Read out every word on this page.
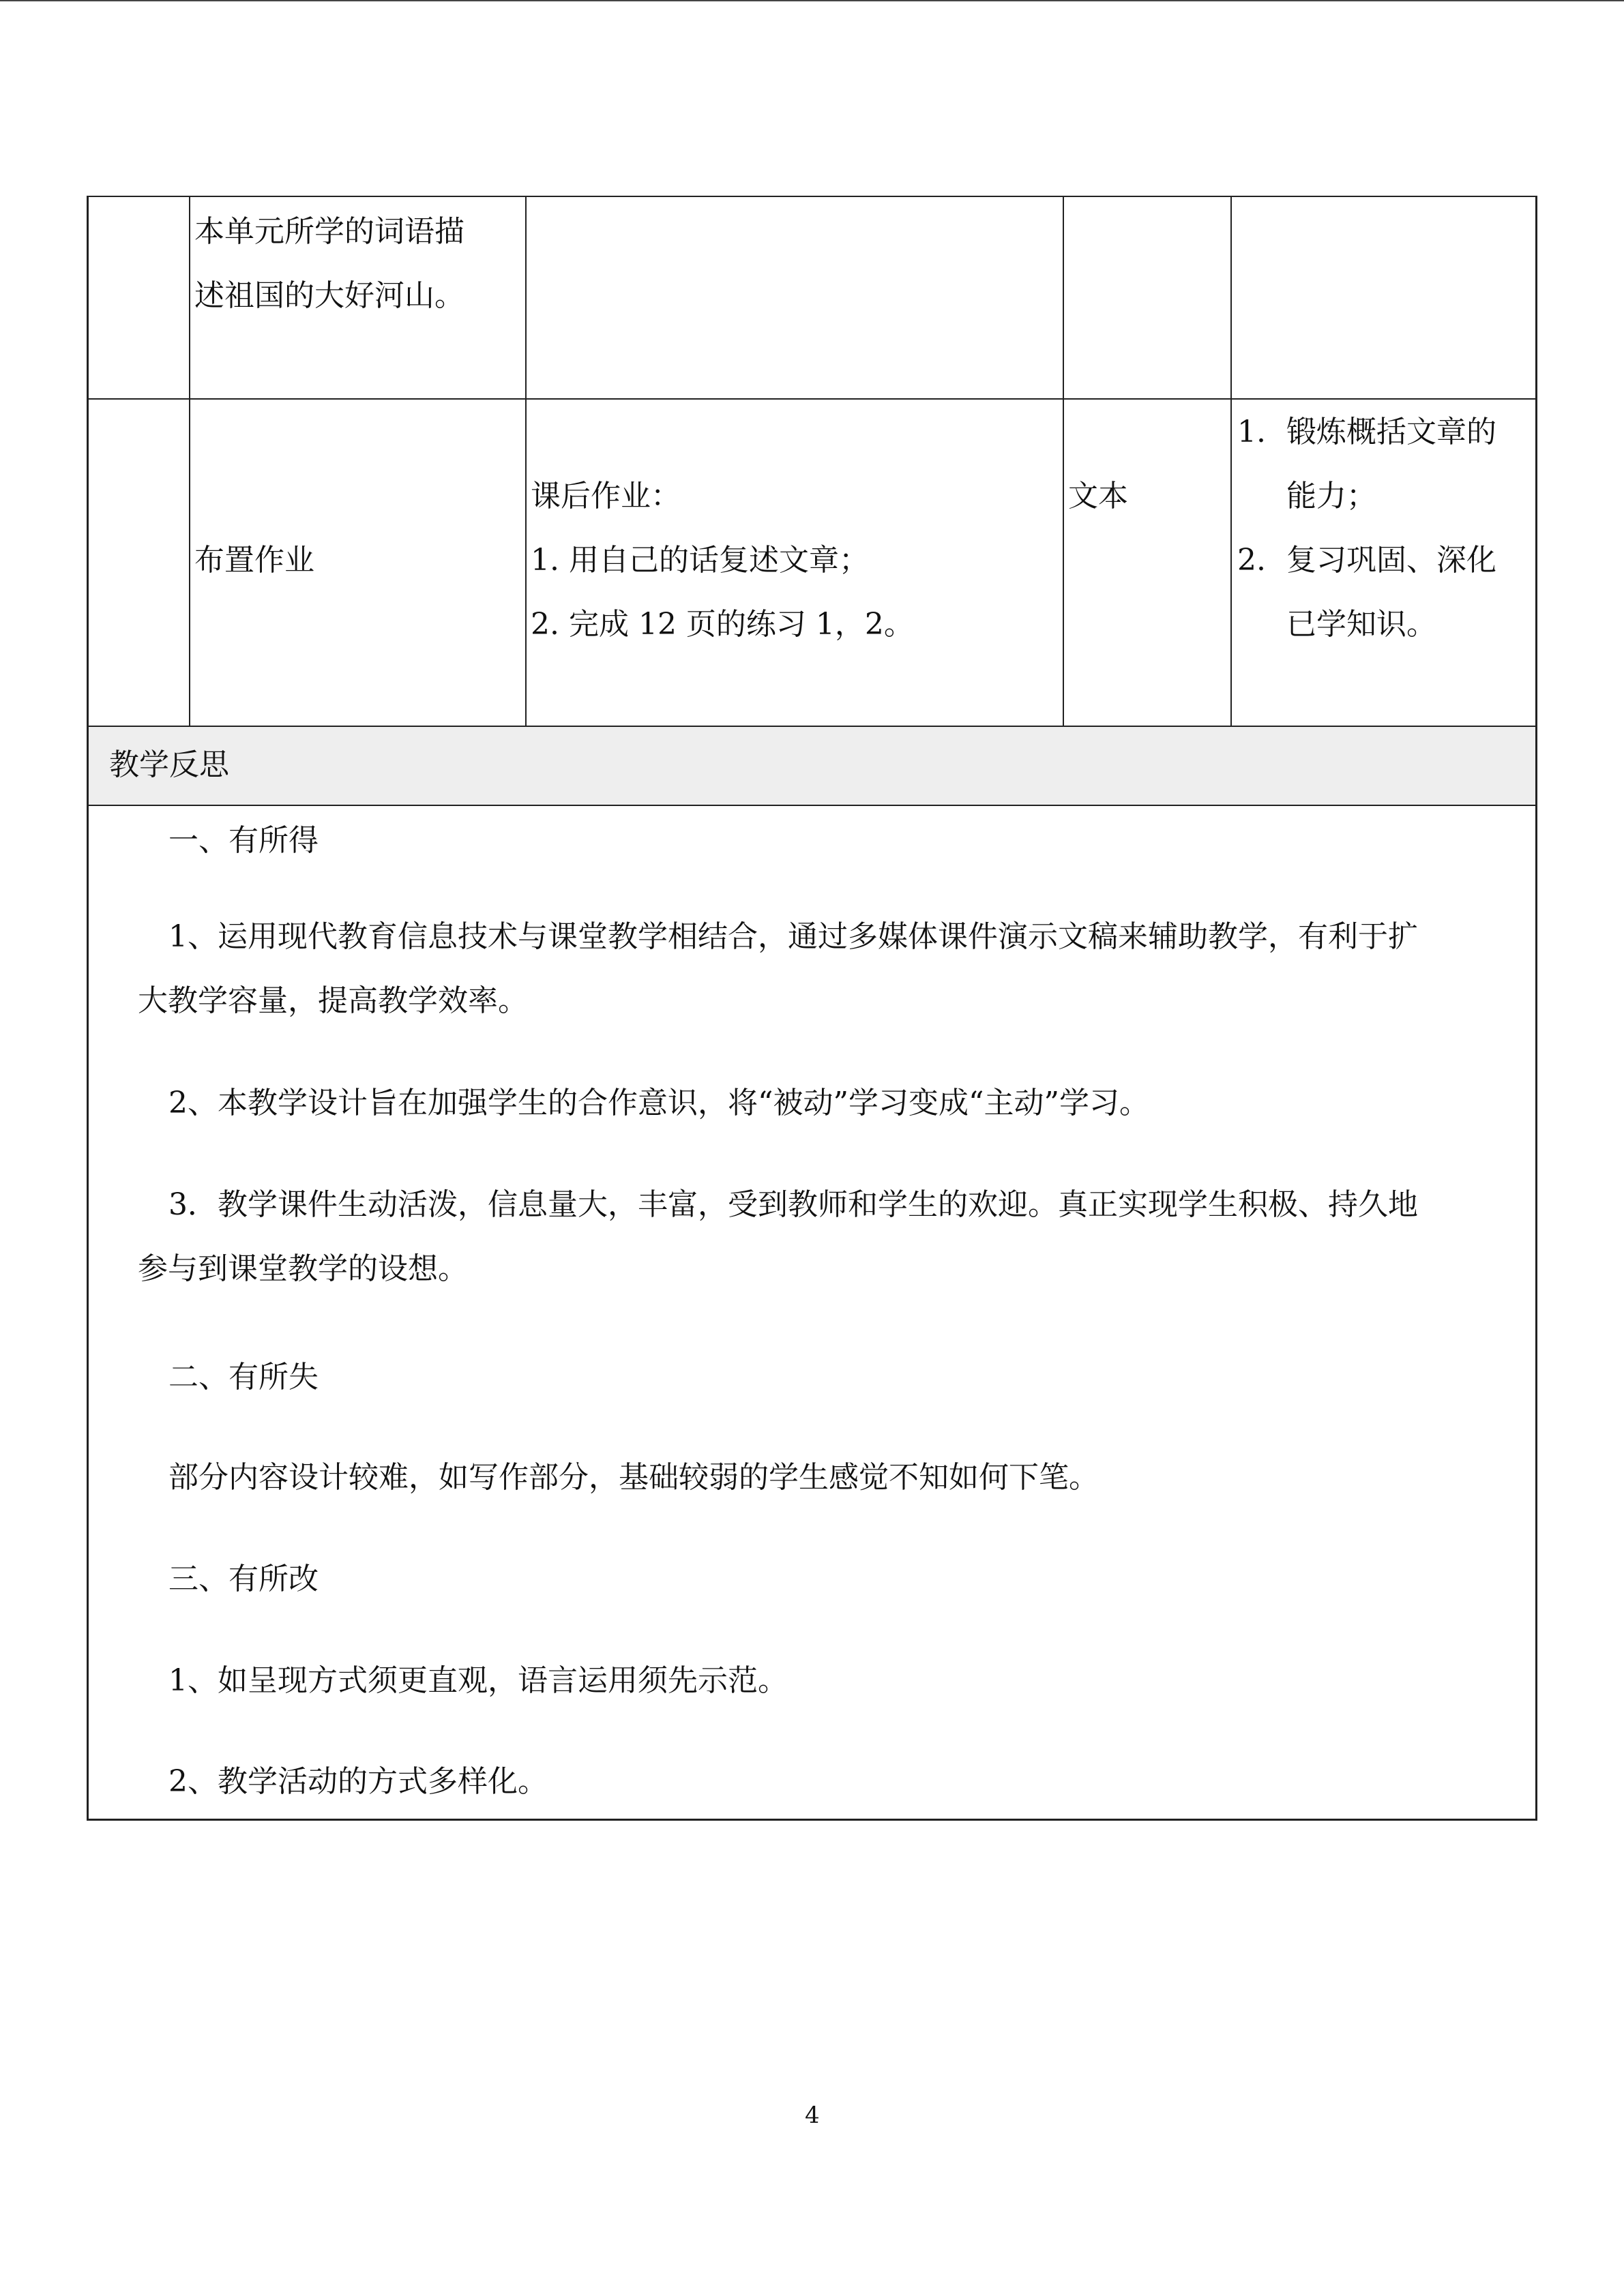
本单元所学的词语描
述祖国的大好河山。
布置作业
课后作业：
1. 用自己的话复述文章；
2. 完成 12 页的练习 1，2。
文本
1. 锻炼概括文章的
能力；
2. 复习巩固、深化
已学知识。
教学反思
一、有所得
1、运用现代教育信息技术与课堂教学相结合，通过多媒体课件演示文稿来辅助教学，有利于扩
大教学容量，提高教学效率。
2、本教学设计旨在加强学生的合作意识，将“被动”学习变成“主动”学习。
3．教学课件生动活泼，信息量大，丰富，受到教师和学生的欢迎。真正实现学生积极、持久地
参与到课堂教学的设想。
二、有所失
部分内容设计较难，如写作部分，基础较弱的学生感觉不知如何下笔。
三、有所改
1、如呈现方式须更直观，语言运用须先示范。
2、教学活动的方式多样化。
4
